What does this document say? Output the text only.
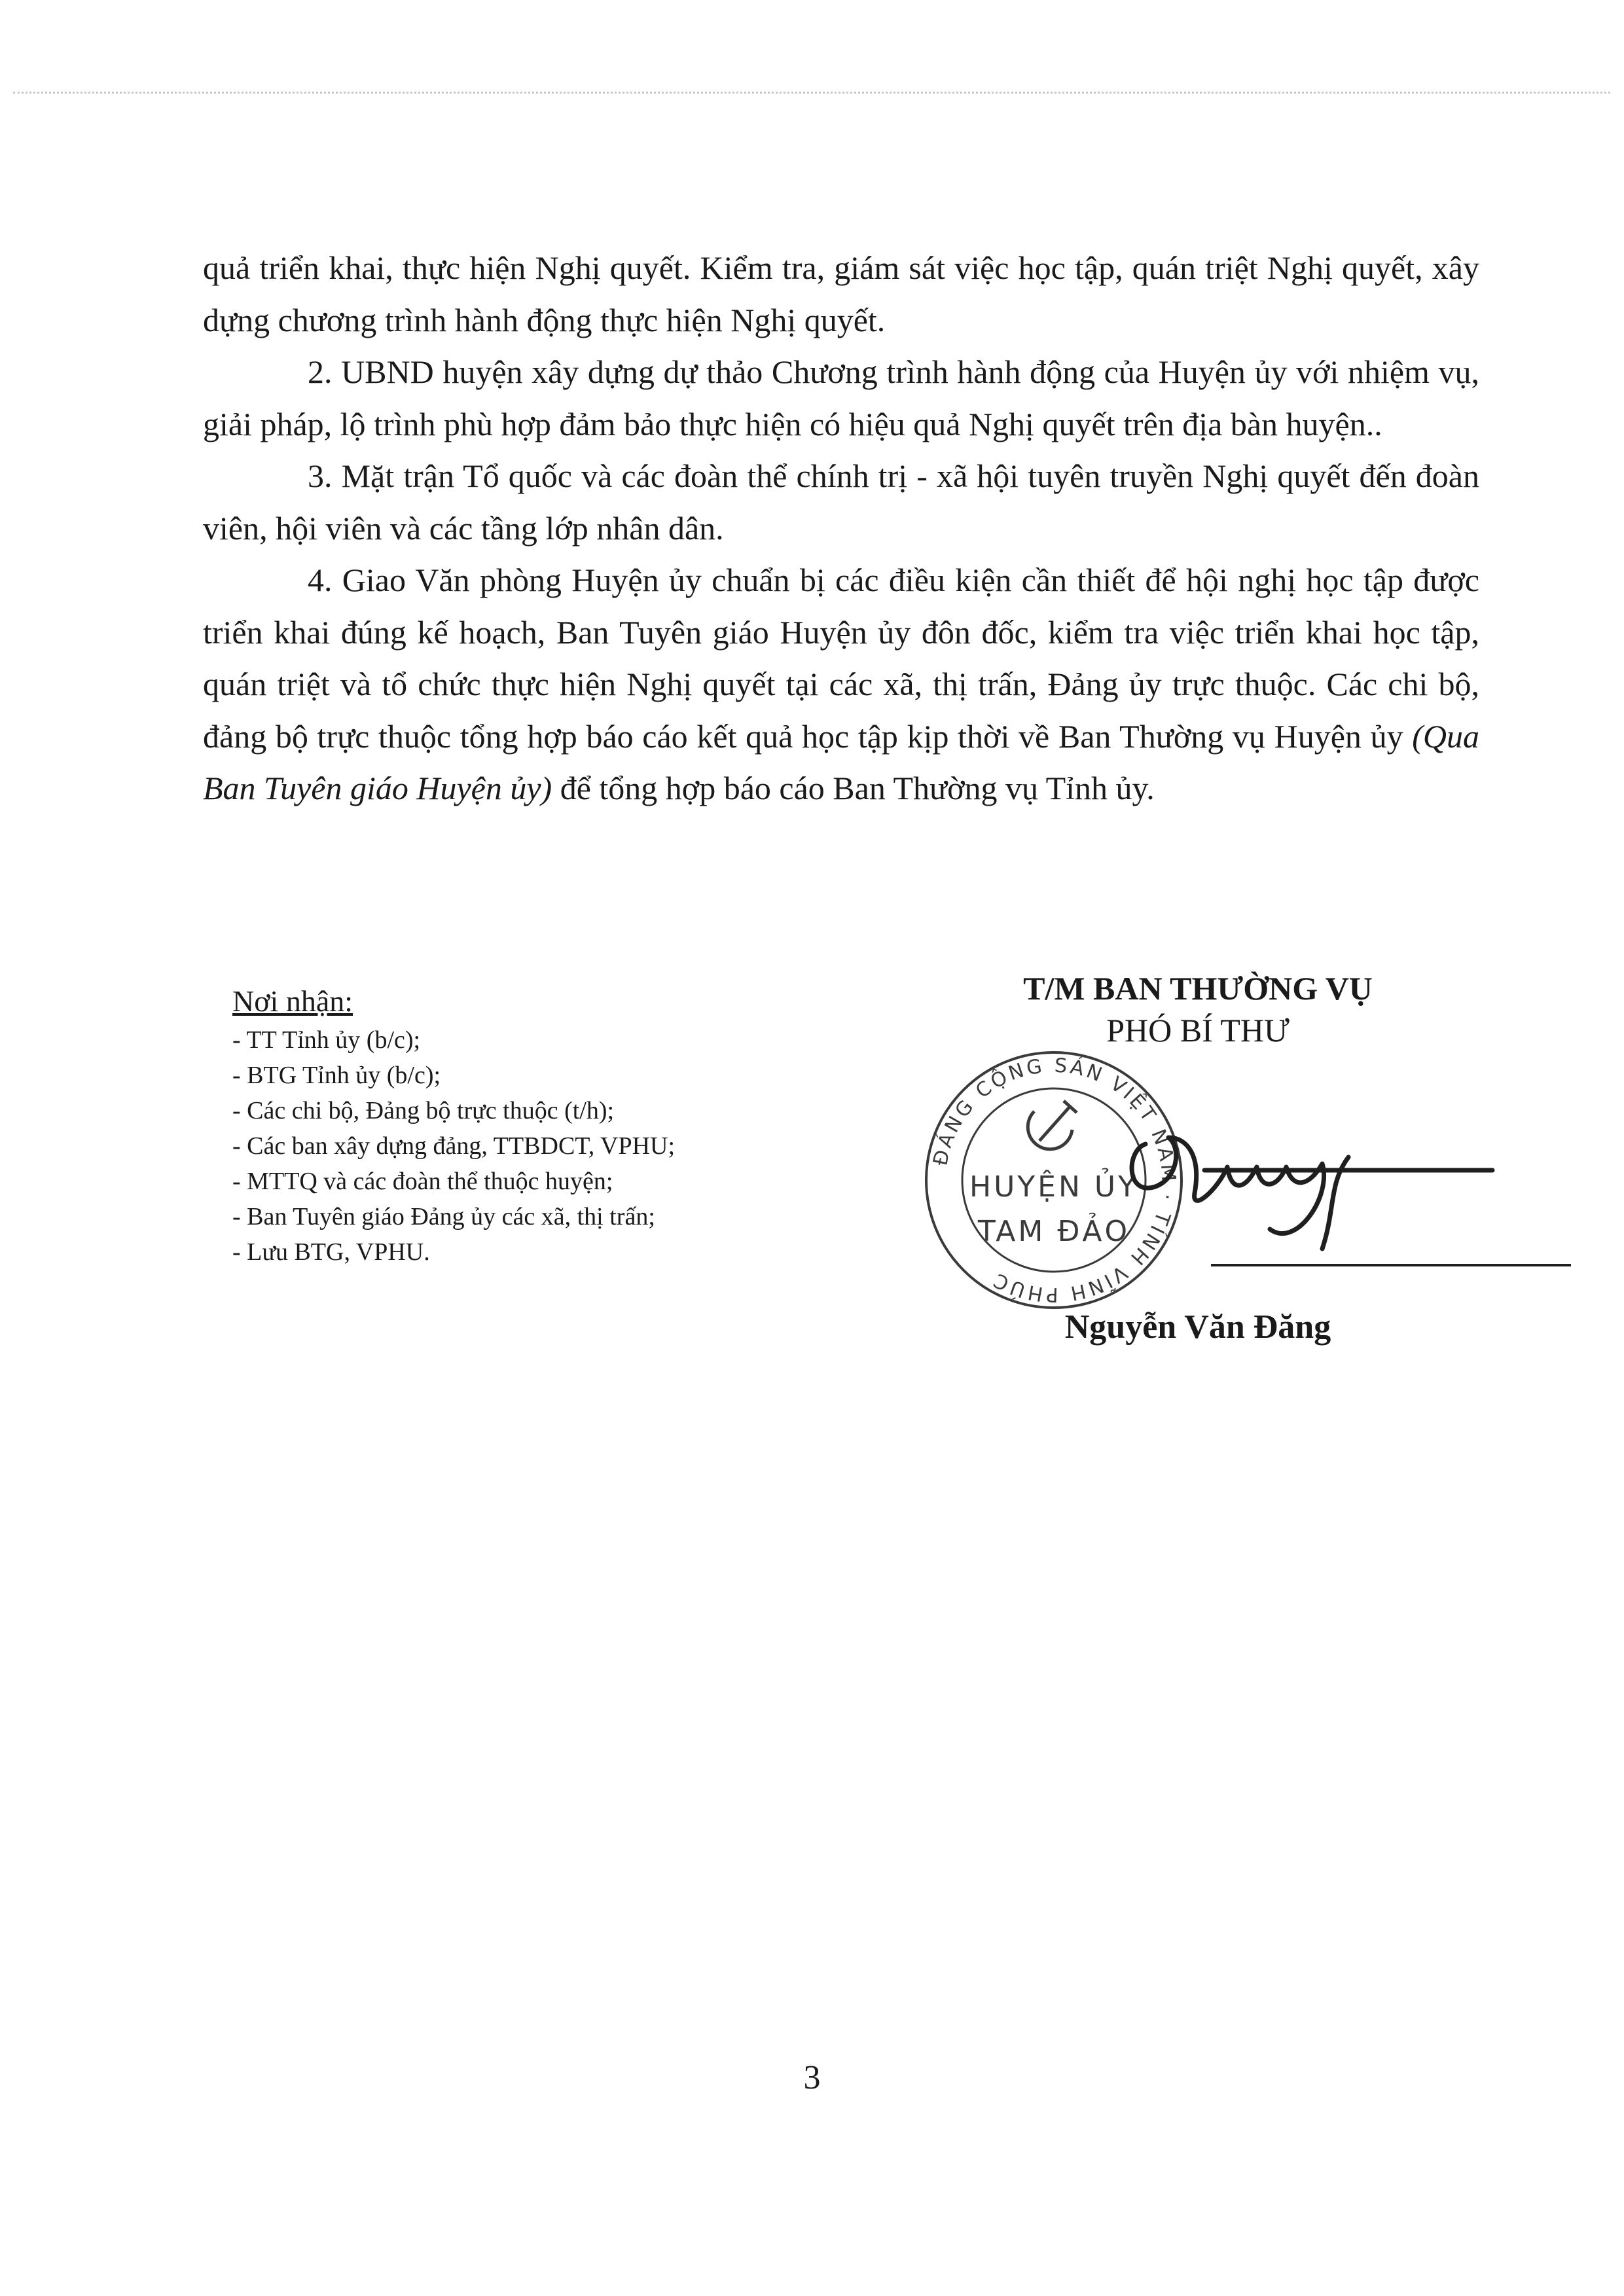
quả triển khai, thực hiện Nghị quyết. Kiểm tra, giám sát việc học tập, quán triệt Nghị quyết, xây dựng chương trình hành động thực hiện Nghị quyết.

2. UBND huyện xây dựng dự thảo Chương trình hành động của Huyện ủy với nhiệm vụ, giải pháp, lộ trình phù hợp đảm bảo thực hiện có hiệu quả Nghị quyết trên địa bàn huyện..

3. Mặt trận Tổ quốc và các đoàn thể chính trị - xã hội tuyên truyền Nghị quyết đến đoàn viên, hội viên và các tầng lớp nhân dân.

4. Giao Văn phòng Huyện ủy chuẩn bị các điều kiện cần thiết để hội nghị học tập được triển khai đúng kế hoạch, Ban Tuyên giáo Huyện ủy đôn đốc, kiểm tra việc triển khai học tập, quán triệt và tổ chức thực hiện Nghị quyết tại các xã, thị trấn, Đảng ủy trực thuộc. Các chi bộ, đảng bộ trực thuộc tổng hợp báo cáo kết quả học tập kịp thời về Ban Thường vụ Huyện ủy (Qua Ban Tuyên giáo Huyện ủy) để tổng hợp báo cáo Ban Thường vụ Tỉnh ủy.

Nơi nhận:
- TT Tỉnh ủy (b/c);
- BTG Tỉnh ủy (b/c);
- Các chi bộ, Đảng bộ trực thuộc (t/h);
- Các ban xây dựng đảng, TTBDCT, VPHU;
- MTTQ và các đoàn thể thuộc huyện;
- Ban Tuyên giáo Đảng ủy các xã, thị trấn;
- Lưu BTG, VPHU.
T/M BAN THƯỜNG VỤ
PHÓ BÍ THƯ
ĐẢNG CỘNG SẢN VIỆT NAM · TỈNH VĨNH PHÚC
HUYỆN ỦY
TAM ĐẢO
Nguyễn Văn Đăng
3
